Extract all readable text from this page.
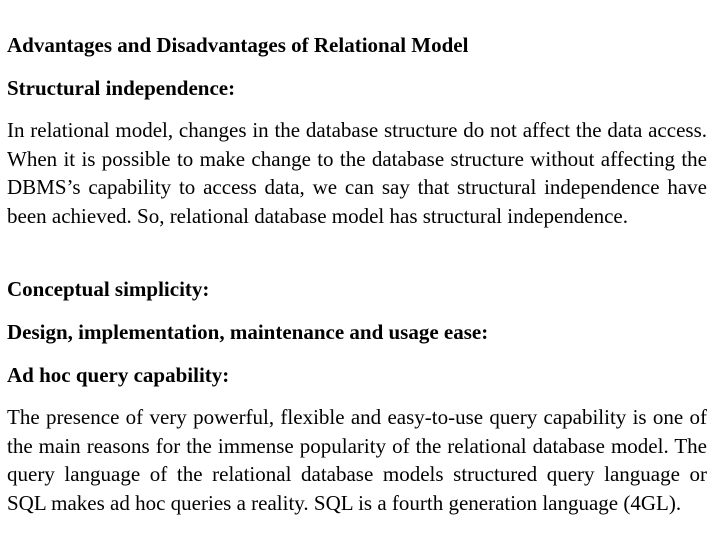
Advantages and Disadvantages of Relational Model
Structural independence:

In relational model, changes in the database structure do not affect the data access. When it is possible to make change to the database structure without affecting the DBMS’s capability to access data, we can say that structural independence have been achieved. So, relational database model has structural independence.

Conceptual simplicity:
Design, implementation, maintenance and usage ease:
Ad hoc query capability:

The presence of very powerful, flexible and easy-to-use query capability is one of the main reasons for the immense popularity of the relational database model. The query language of the relational database models structured query language or SQL makes ad hoc queries a reality. SQL is a fourth generation language (4GL).
